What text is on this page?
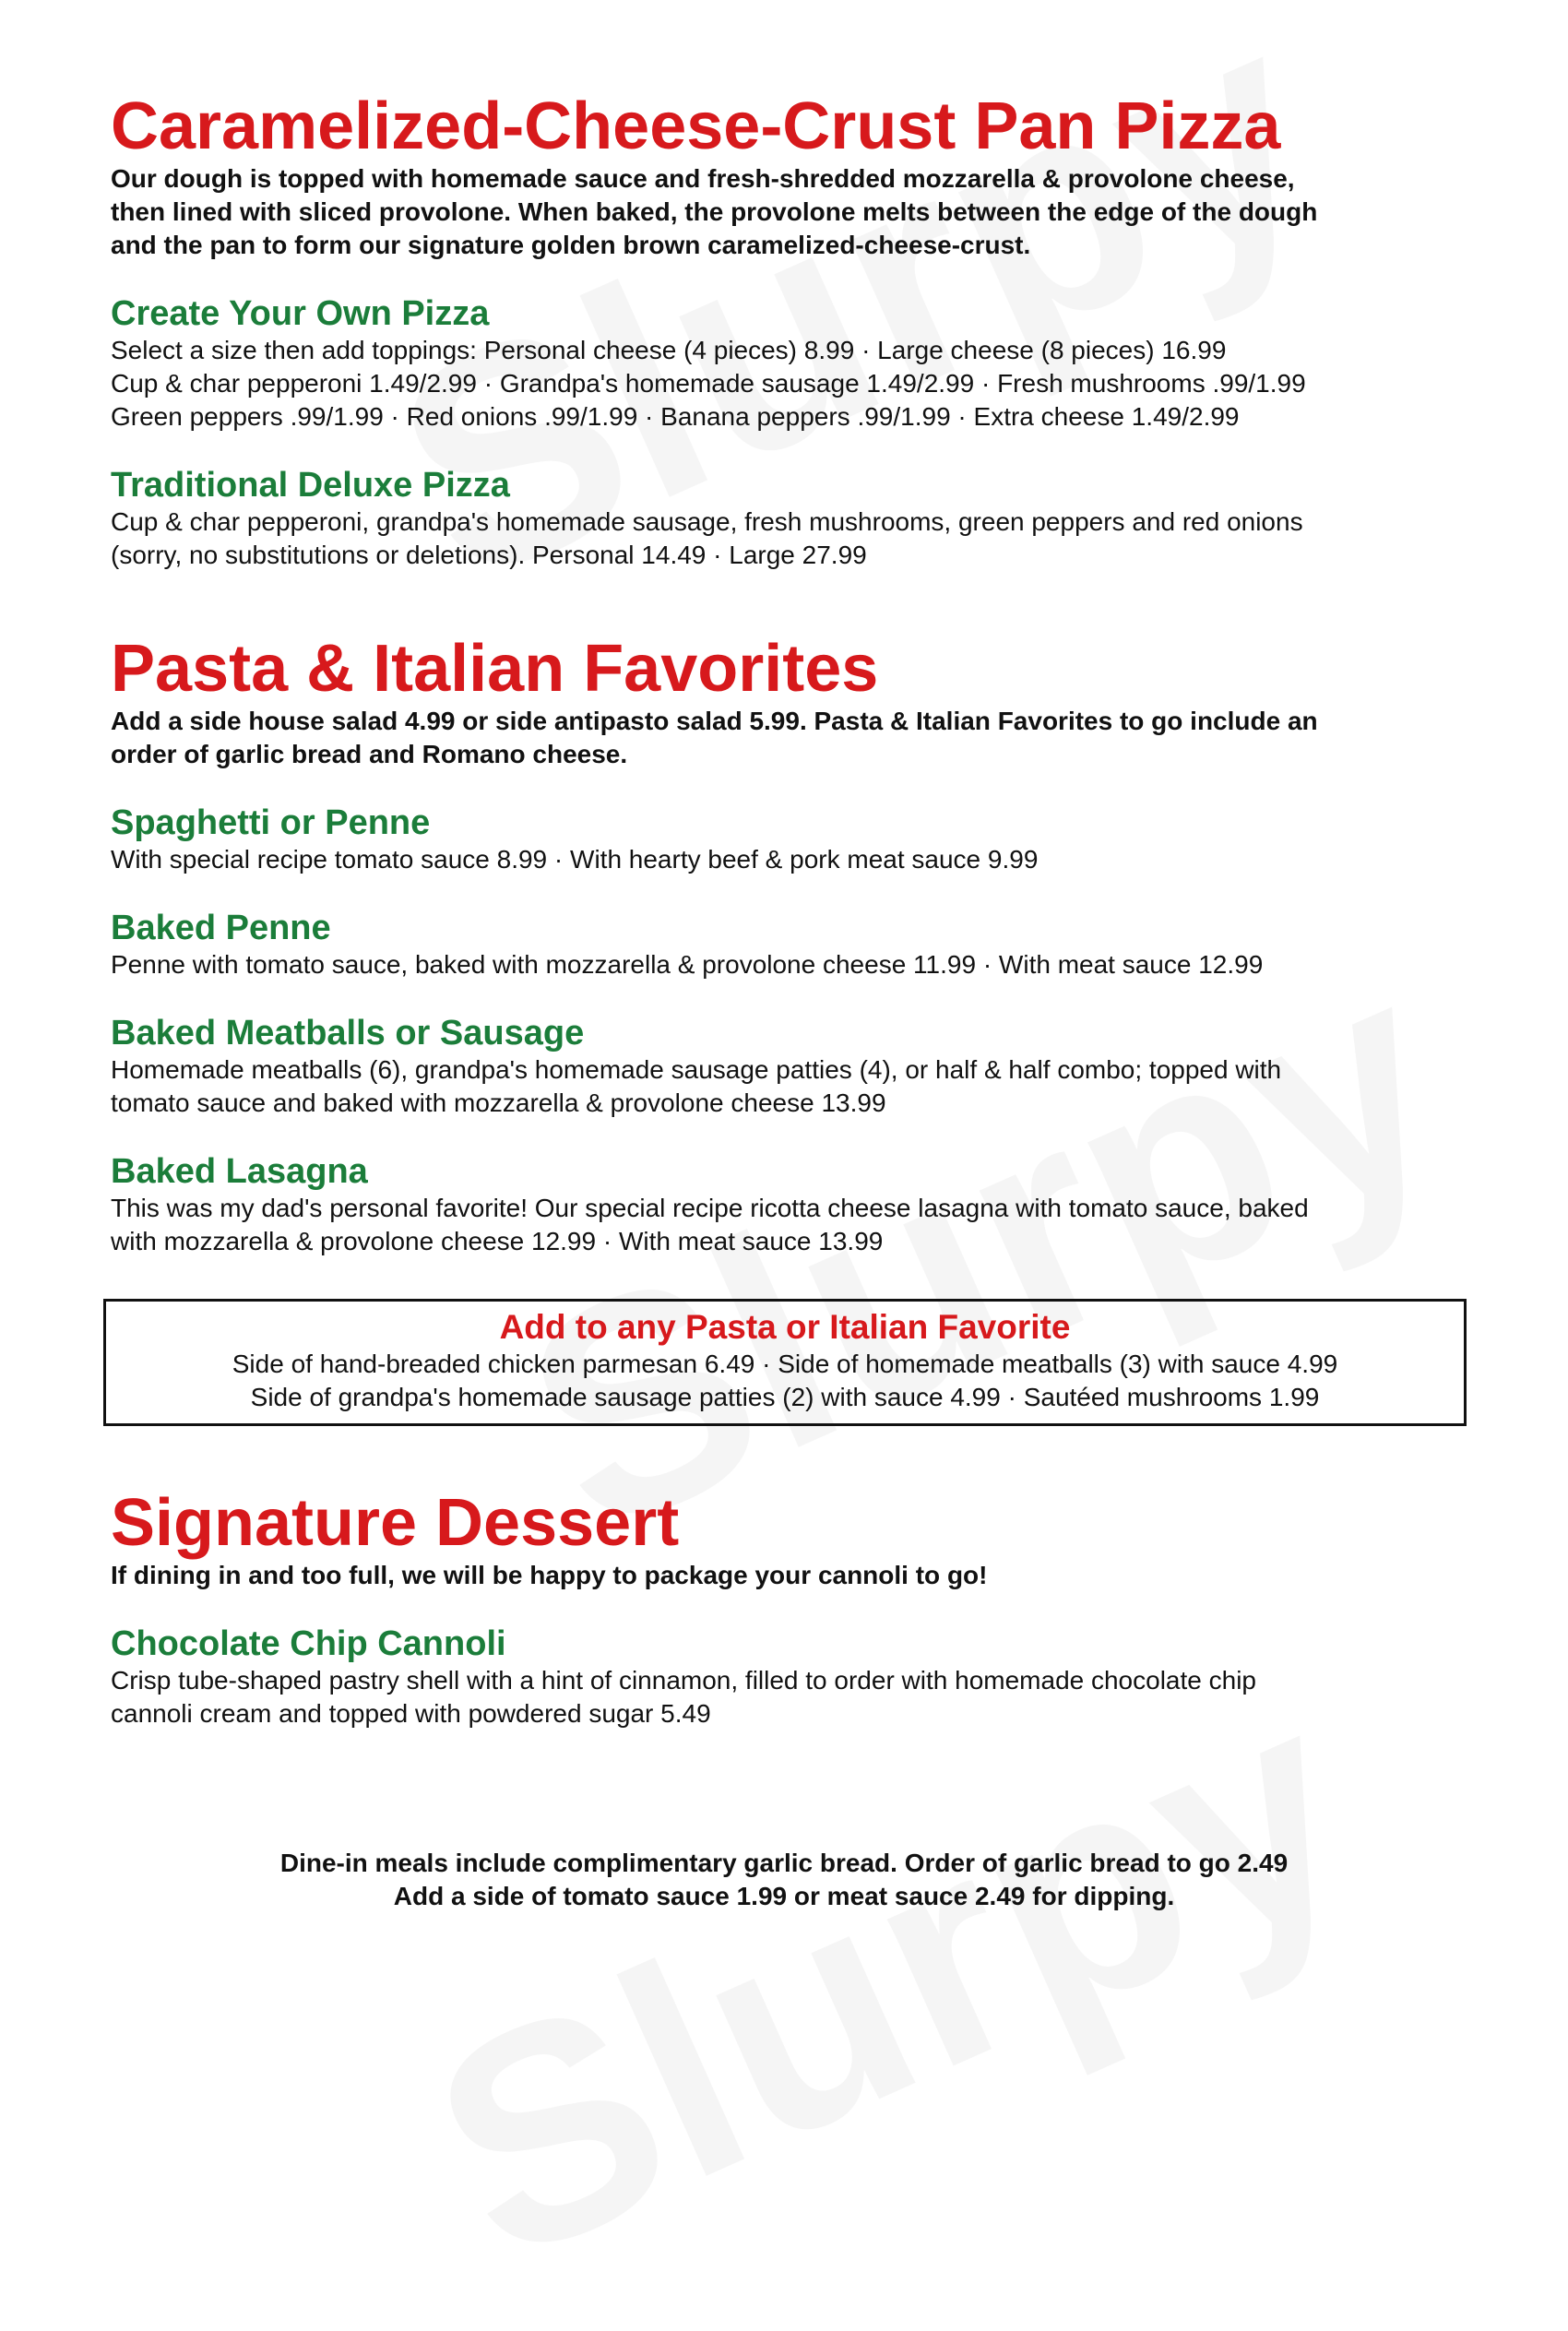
Caramelized-Cheese-Crust Pan Pizza

Our dough is topped with homemade sauce and fresh-shredded mozzarella & provolone cheese,
then lined with sliced provolone. When baked, the provolone melts between the edge of the dough
and the pan to form our signature golden brown caramelized-cheese-crust.

Create Your Own Pizza

Select a size then add toppings: Personal cheese (4 pieces) 8.99 · Large cheese (8 pieces) 16.99
Cup & char pepperoni 1.49/2.99 · Grandpa's homemade sausage 1.49/2.99 · Fresh mushrooms .99/1.99
Green peppers .99/1.99 · Red onions .99/1.99 · Banana peppers .99/1.99 · Extra cheese 1.49/2.99

Traditional Deluxe Pizza

Cup & char pepperoni, grandpa's homemade sausage, fresh mushrooms, green peppers and red onions
(sorry, no substitutions or deletions). Personal 14.49 · Large 27.99

Pasta & Italian Favorites

Add a side house salad 4.99 or side antipasto salad 5.99. Pasta & Italian Favorites to go include an
order of garlic bread and Romano cheese.

Spaghetti or Penne

With special recipe tomato sauce 8.99 · With hearty beef & pork meat sauce 9.99

Baked Penne

Penne with tomato sauce, baked with mozzarella & provolone cheese 11.99 · With meat sauce 12.99

Baked Meatballs or Sausage

Homemade meatballs (6), grandpa's homemade sausage patties (4), or half & half combo; topped with
tomato sauce and baked with mozzarella & provolone cheese 13.99

Baked Lasagna

This was my dad's personal favorite! Our special recipe ricotta cheese lasagna with tomato sauce, baked
with mozzarella & provolone cheese 12.99 · With meat sauce 13.99

Add to any Pasta or Italian Favorite

Side of hand-breaded chicken parmesan 6.49 · Side of homemade meatballs (3) with sauce 4.99
Side of grandpa's homemade sausage patties (2) with sauce 4.99 · Sautéed mushrooms 1.99

Signature Dessert

If dining in and too full, we will be happy to package your cannoli to go!

Chocolate Chip Cannoli

Crisp tube-shaped pastry shell with a hint of cinnamon, filled to order with homemade chocolate chip
cannoli cream and topped with powdered sugar 5.49

Dine-in meals include complimentary garlic bread. Order of garlic bread to go 2.49
Add a side of tomato sauce 1.99 or meat sauce 2.49 for dipping.
